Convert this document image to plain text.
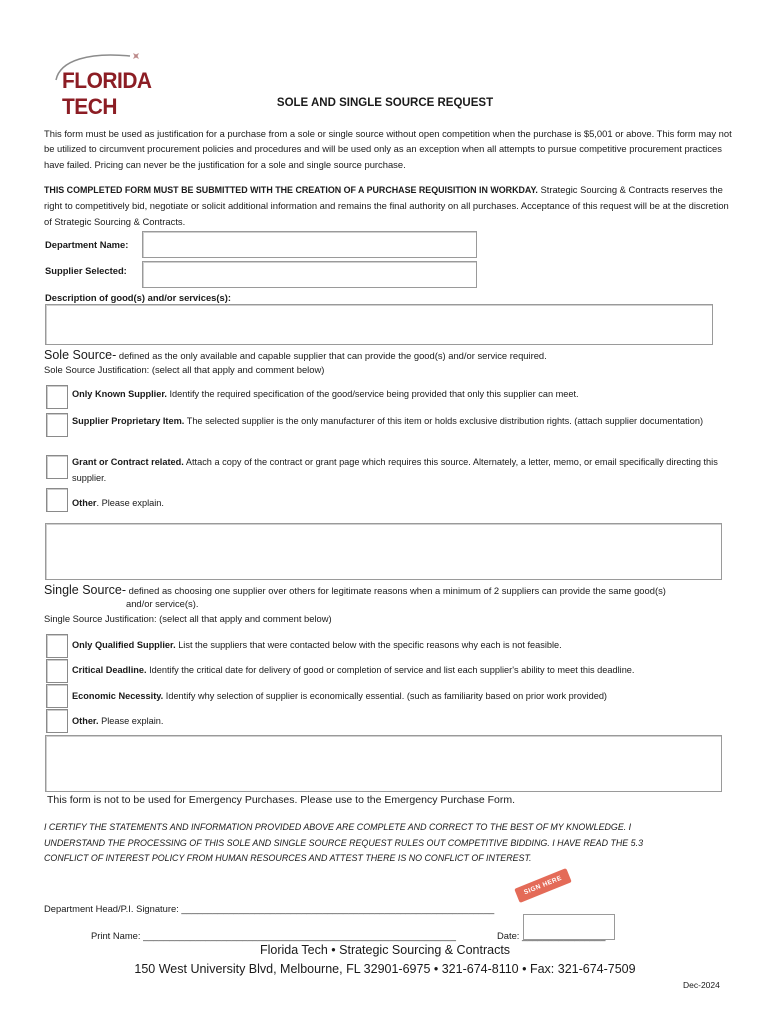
FLORIDA TECH	SOLE AND SINGLE SOURCE REQUEST
This form must be used as justification for a purchase from a sole or single source without open competition when the purchase is $5,001 or above. This form may not be utilized to circumvent procurement policies and procedures and will be used only as an exception when all attempts to pursue competitive procurement practices have failed. Pricing can never be the justification for a sole and single source purchase.
THIS COMPLETED FORM MUST BE SUBMITTED WITH THE CREATION OF A PURCHASE REQUISITION IN WORKDAY. Strategic Sourcing & Contracts reserves the right to competitively bid, negotiate or solicit additional information and remains the final authority on all purchases. Acceptance of this request will be at the discretion of Strategic Sourcing & Contracts.
Department Name:
Supplier Selected:
Description of good(s) and/or services(s):
Sole Source- defined as the only available and capable supplier that can provide the good(s) and/or service required.
Sole Source Justification: (select all that apply and comment below)
Only Known Supplier. Identify the required specification of the good/service being provided that only this supplier can meet.
Supplier Proprietary Item. The selected supplier is the only manufacturer of this item or holds exclusive distribution rights. (attach supplier documentation)
Grant or Contract related. Attach a copy of the contract or grant page which requires this source. Alternately, a letter, memo, or email specifically directing this supplier.
Other. Please explain.
Single Source- defined as choosing one supplier over others for legitimate reasons when a minimum of 2 suppliers can provide the same good(s)
and/or service(s).
Single Source Justification: (select all that apply and comment below)
Only Qualified Supplier. List the suppliers that were contacted below with the specific reasons why each is not feasible.
Critical Deadline. Identify the critical date for delivery of good or completion of service and list each supplier's ability to meet this deadline.
Economic Necessity. Identify why selection of supplier is economically essential. (such as familiarity based on prior work provided)
Other. Please explain.
This form is not to be used for Emergency Purchases. Please use to the Emergency Purchase Form.
I CERTIFY THE STATEMENTS AND INFORMATION PROVIDED ABOVE ARE COMPLETE AND CORRECT TO THE BEST OF MY KNOWLEDGE. I UNDERSTAND THE PROCESSING OF THIS SOLE AND SINGLE SOURCE REQUEST RULES OUT COMPETITIVE BIDDING. I HAVE READ THE 5.3 CONFLICT OF INTEREST POLICY FROM HUMAN RESOURCES AND ATTEST THERE IS NO CONFLICT OF INTEREST.
SIGN HERE
Department Head/P.I. Signature: ____________________________________________________________
Print Name: ____________________________________________________________	Date: ________________
Florida Tech • Strategic Sourcing & Contracts
150 West University Blvd, Melbourne, FL 32901-6975 • 321-674-8110 • Fax: 321-674-7509
Dec-2024
